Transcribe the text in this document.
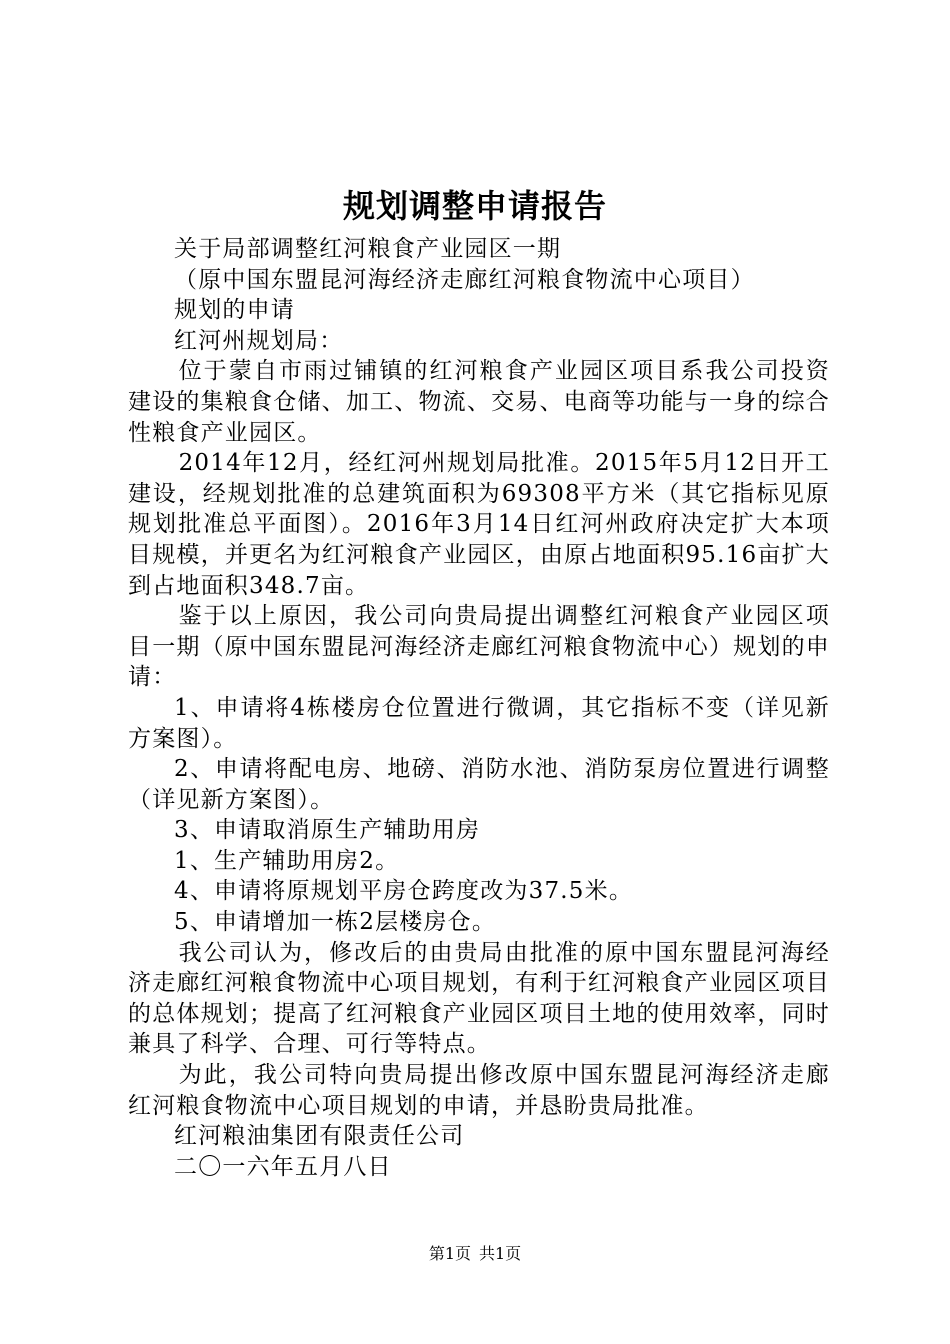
规划调整申请报告

关于局部调整红河粮食产业园区一期

（原中国东盟昆河海经济走廊红河粮食物流中心项目）

规划的申请

红河州规划局：

位于蒙自市雨过铺镇的红河粮食产业园区项目系我公司投资建设的集粮食仓储、加工、物流、交易、电商等功能与一身的综合性粮食产业园区。

2014年12月，经红河州规划局批准。2015年5月12日开工建设，经规划批准的总建筑面积为69308平方米（其它指标见原规划批准总平面图）。2016年3月14日红河州政府决定扩大本项目规模，并更名为红河粮食产业园区，由原占地面积95.16亩扩大到占地面积348.7亩。

鉴于以上原因，我公司向贵局提出调整红河粮食产业园区项目一期（原中国东盟昆河海经济走廊红河粮食物流中心）规划的申请：

1、申请将4栋楼房仓位置进行微调，其它指标不变（详见新方案图）。

2、申请将配电房、地磅、消防水池、消防泵房位置进行调整（详见新方案图）。

3、申请取消原生产辅助用房

1、生产辅助用房2。

4、申请将原规划平房仓跨度改为37.5米。

5、申请增加一栋2层楼房仓。

我公司认为，修改后的由贵局由批准的原中国东盟昆河海经济走廊红河粮食物流中心项目规划，有利于红河粮食产业园区项目的总体规划；提高了红河粮食产业园区项目土地的使用效率，同时兼具了科学、合理、可行等特点。

为此，我公司特向贵局提出修改原中国东盟昆河海经济走廊红河粮食物流中心项目规划的申请，并恳盼贵局批准。

红河粮油集团有限责任公司

二〇一六年五月八日

第1页 共1页
